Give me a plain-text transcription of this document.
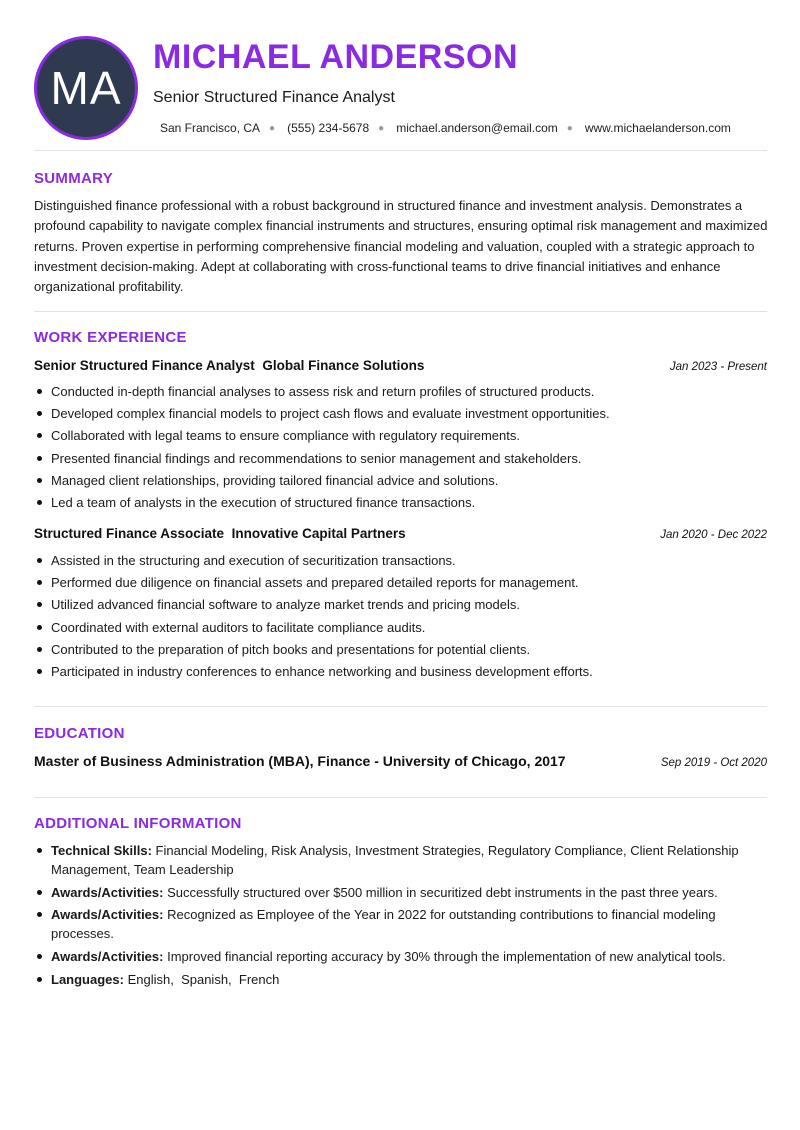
MA
MICHAEL ANDERSON
Senior Structured Finance Analyst
San Francisco, CA ● (555) 234-5678 ● michael.anderson@email.com ● www.michaelanderson.com
SUMMARY
Distinguished finance professional with a robust background in structured finance and investment analysis. Demonstrates a profound capability to navigate complex financial instruments and structures, ensuring optimal risk management and maximized returns. Proven expertise in performing comprehensive financial modeling and valuation, coupled with a strategic approach to investment decision-making. Adept at collaborating with cross-functional teams to drive financial initiatives and enhance organizational profitability.
WORK EXPERIENCE
Senior Structured Finance Analyst Global Finance Solutions	Jan 2023 - Present
Conducted in-depth financial analyses to assess risk and return profiles of structured products.
Developed complex financial models to project cash flows and evaluate investment opportunities.
Collaborated with legal teams to ensure compliance with regulatory requirements.
Presented financial findings and recommendations to senior management and stakeholders.
Managed client relationships, providing tailored financial advice and solutions.
Led a team of analysts in the execution of structured finance transactions.
Structured Finance Associate Innovative Capital Partners	Jan 2020 - Dec 2022
Assisted in the structuring and execution of securitization transactions.
Performed due diligence on financial assets and prepared detailed reports for management.
Utilized advanced financial software to analyze market trends and pricing models.
Coordinated with external auditors to facilitate compliance audits.
Contributed to the preparation of pitch books and presentations for potential clients.
Participated in industry conferences to enhance networking and business development efforts.
EDUCATION
Master of Business Administration (MBA), Finance - University of Chicago, 2017	Sep 2019 - Oct 2020
ADDITIONAL INFORMATION
Technical Skills: Financial Modeling, Risk Analysis, Investment Strategies, Regulatory Compliance, Client Relationship Management, Team Leadership
Awards/Activities: Successfully structured over $500 million in securitized debt instruments in the past three years.
Awards/Activities: Recognized as Employee of the Year in 2022 for outstanding contributions to financial modeling processes.
Awards/Activities: Improved financial reporting accuracy by 30% through the implementation of new analytical tools.
Languages: English,  Spanish,  French
